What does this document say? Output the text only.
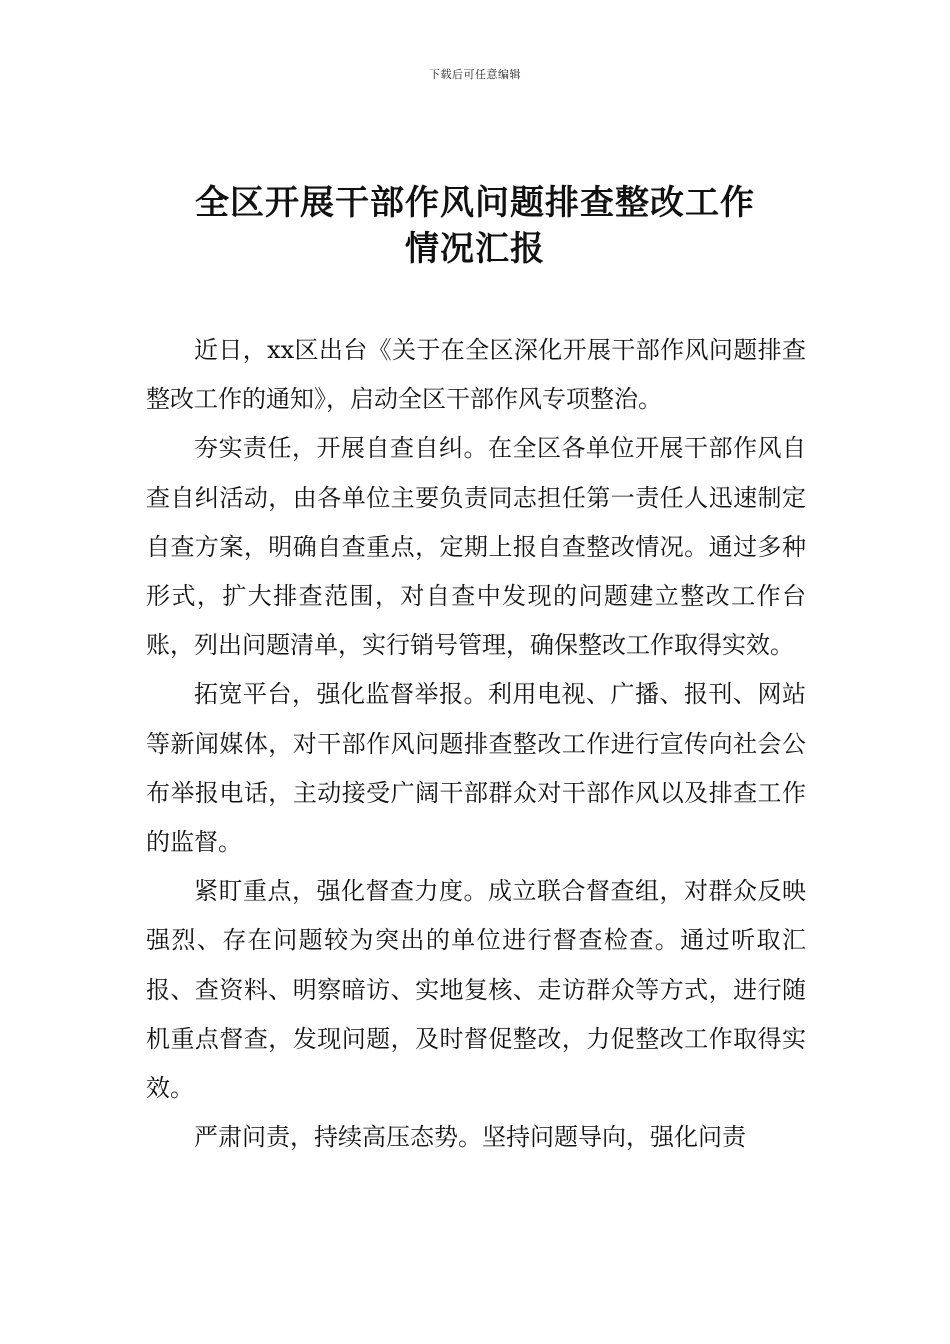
下载后可任意编辑
全区开展干部作风问题排查整改工作
情况汇报

近日，xx区出台《关于在全区深化开展干部作风问题排查整改工作的通知》，启动全区干部作风专项整治。

夯实责任，开展自查自纠。在全区各单位开展干部作风自查自纠活动，由各单位主要负责同志担任第一责任人迅速制定自查方案，明确自查重点，定期上报自查整改情况。通过多种形式，扩大排查范围，对自查中发现的问题建立整改工作台账，列出问题清单，实行销号管理，确保整改工作取得实效。

拓宽平台，强化监督举报。利用电视、广播、报刊、网站等新闻媒体，对干部作风问题排查整改工作进行宣传向社会公布举报电话，主动接受广阔干部群众对干部作风以及排查工作的监督。

紧盯重点，强化督查力度。成立联合督查组，对群众反映强烈、存在问题较为突出的单位进行督查检查。通过听取汇报、查资料、明察暗访、实地复核、走访群众等方式，进行随机重点督查，发现问题，及时督促整改，力促整改工作取得实效。

严肃问责，持续高压态势。坚持问题导向，强化问责
